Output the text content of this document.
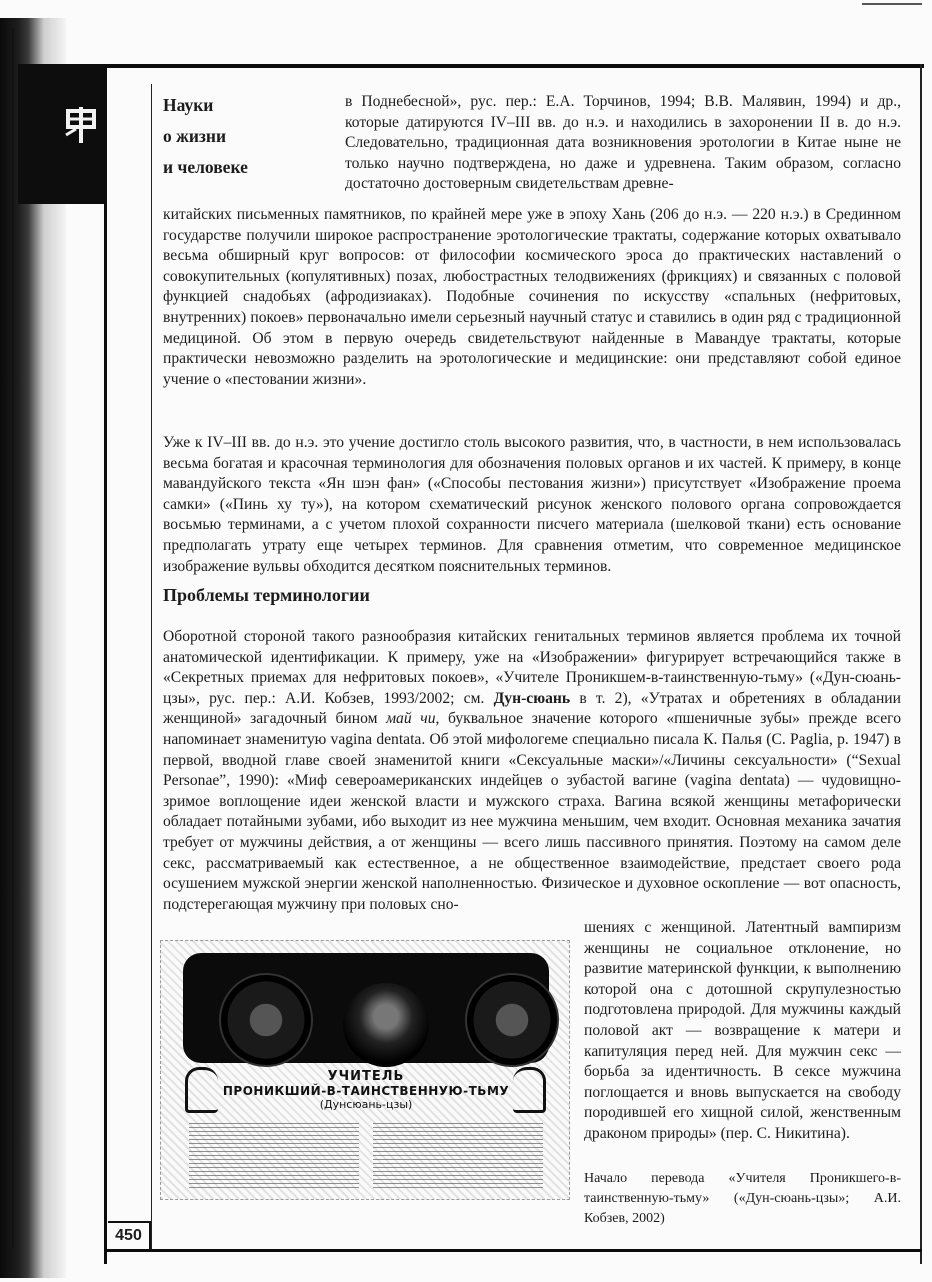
Науки
о жизни
и человеке

в Поднебесной», рус. пер.: Е.А. Торчинов, 1994; В.В. Малявин, 1994) и др., которые датируются IV–III вв. до н.э. и находились в захоронении II в. до н.э. Следовательно, традиционная дата возникновения эротологии в Китае ныне не только научно подтверждена, но даже и удревнена. Таким образом, согласно достаточно достоверным свидетельствам древне-

китайских письменных памятников, по крайней мере уже в эпоху Хань (206 до н.э. — 220 н.э.) в Срединном государстве получили широкое распространение эротологические трактаты, содержание которых охватывало весьма обширный круг вопросов: от философии космического эроса до практических наставлений о совокупительных (копулятивных) позах, любострастных телодвижениях (фрикциях) и связанных с половой функцией снадобьях (афродизиаках). Подобные сочинения по искусству «спальных (нефритовых, внутренних) покоев» первоначально имели серьезный научный статус и ставились в один ряд с традиционной медициной. Об этом в первую очередь свидетельствуют найденные в Мавандуе трактаты, которые практически невозможно разделить на эротологические и медицинские: они представляют собой единое учение о «пестовании жизни».

Уже к IV–III вв. до н.э. это учение достигло столь высокого развития, что, в частности, в нем использовалась весьма богатая и красочная терминология для обозначения половых органов и их частей. К примеру, в конце мавандуйского текста «Ян шэн фан» («Способы пестования жизни») присутствует «Изображение проема самки» («Пинь ху ту»), на котором схематический рисунок женского полового органа сопровождается восьмью терминами, а с учетом плохой сохранности писчего материала (шелковой ткани) есть основание предполагать утрату еще четырех терминов. Для сравнения отметим, что современное медицинское изображение вульвы обходится десятком пояснительных терминов.

Проблемы терминологии

Оборотной стороной такого разнообразия китайских генитальных терминов является проблема их точной анатомической идентификации. К примеру, уже на «Изображении» фигурирует встречающийся также в «Секретных приемах для нефритовых покоев», «Учителе Проникшем-в-таинственную-тьму» («Дун-сюань-цзы», рус. пер.: А.И. Кобзев, 1993/2002; см. Дун-сюань в т. 2), «Утратах и обретениях в обладании женщиной» загадочный бином май чи, буквальное значение которого «пшеничные зубы» прежде всего напоминает знаменитую vagina dentata. Об этой мифологеме специально писала К. Палья (C. Paglia, p. 1947) в первой, вводной главе своей знаменитой книги «Сексуальные маски»/«Личины сексуальности» (“Sexual Personae”, 1990): «Миф североамериканских индейцев о зубастой вагине (vagina dentata) — чудовищно-зримое воплощение идеи женской власти и мужского страха. Вагина всякой женщины метафорически обладает потайными зубами, ибо выходит из нее мужчина меньшим, чем входит. Основная механика зачатия требует от мужчины действия, а от женщины — всего лишь пассивного принятия. Поэтому на самом деле секс, рассматриваемый как естественное, а не общественное взаимодействие, предстает своего рода осушением мужской энергии женской наполненностью. Физическое и духовное оскопление — вот опасность, подстерегающая мужчину при половых сно-

шениях с женщиной. Латентный вампиризм женщины не социальное отклонение, но развитие материнской функции, к выполнению которой она с дотошной скрупулезностью подготовлена природой. Для мужчины каждый половой акт — возвращение к матери и капитуляция перед ней. Для мужчин секс — борьба за идентичность. В сексе мужчина поглощается и вновь выпускается на свободу породившей его хищной силой, женственным драконом природы» (пер. С. Никитина).

УЧИТЕЛЬ
ПРОНИКШИЙ-В-ТАИНСТВЕННУЮ-ТЬМУ
(Дунсюань-цзы)

Начало перевода «Учителя Проникшего-в-таинственную-тьму» («Дун-сюань-цзы»; А.И. Кобзев, 2002)

450
